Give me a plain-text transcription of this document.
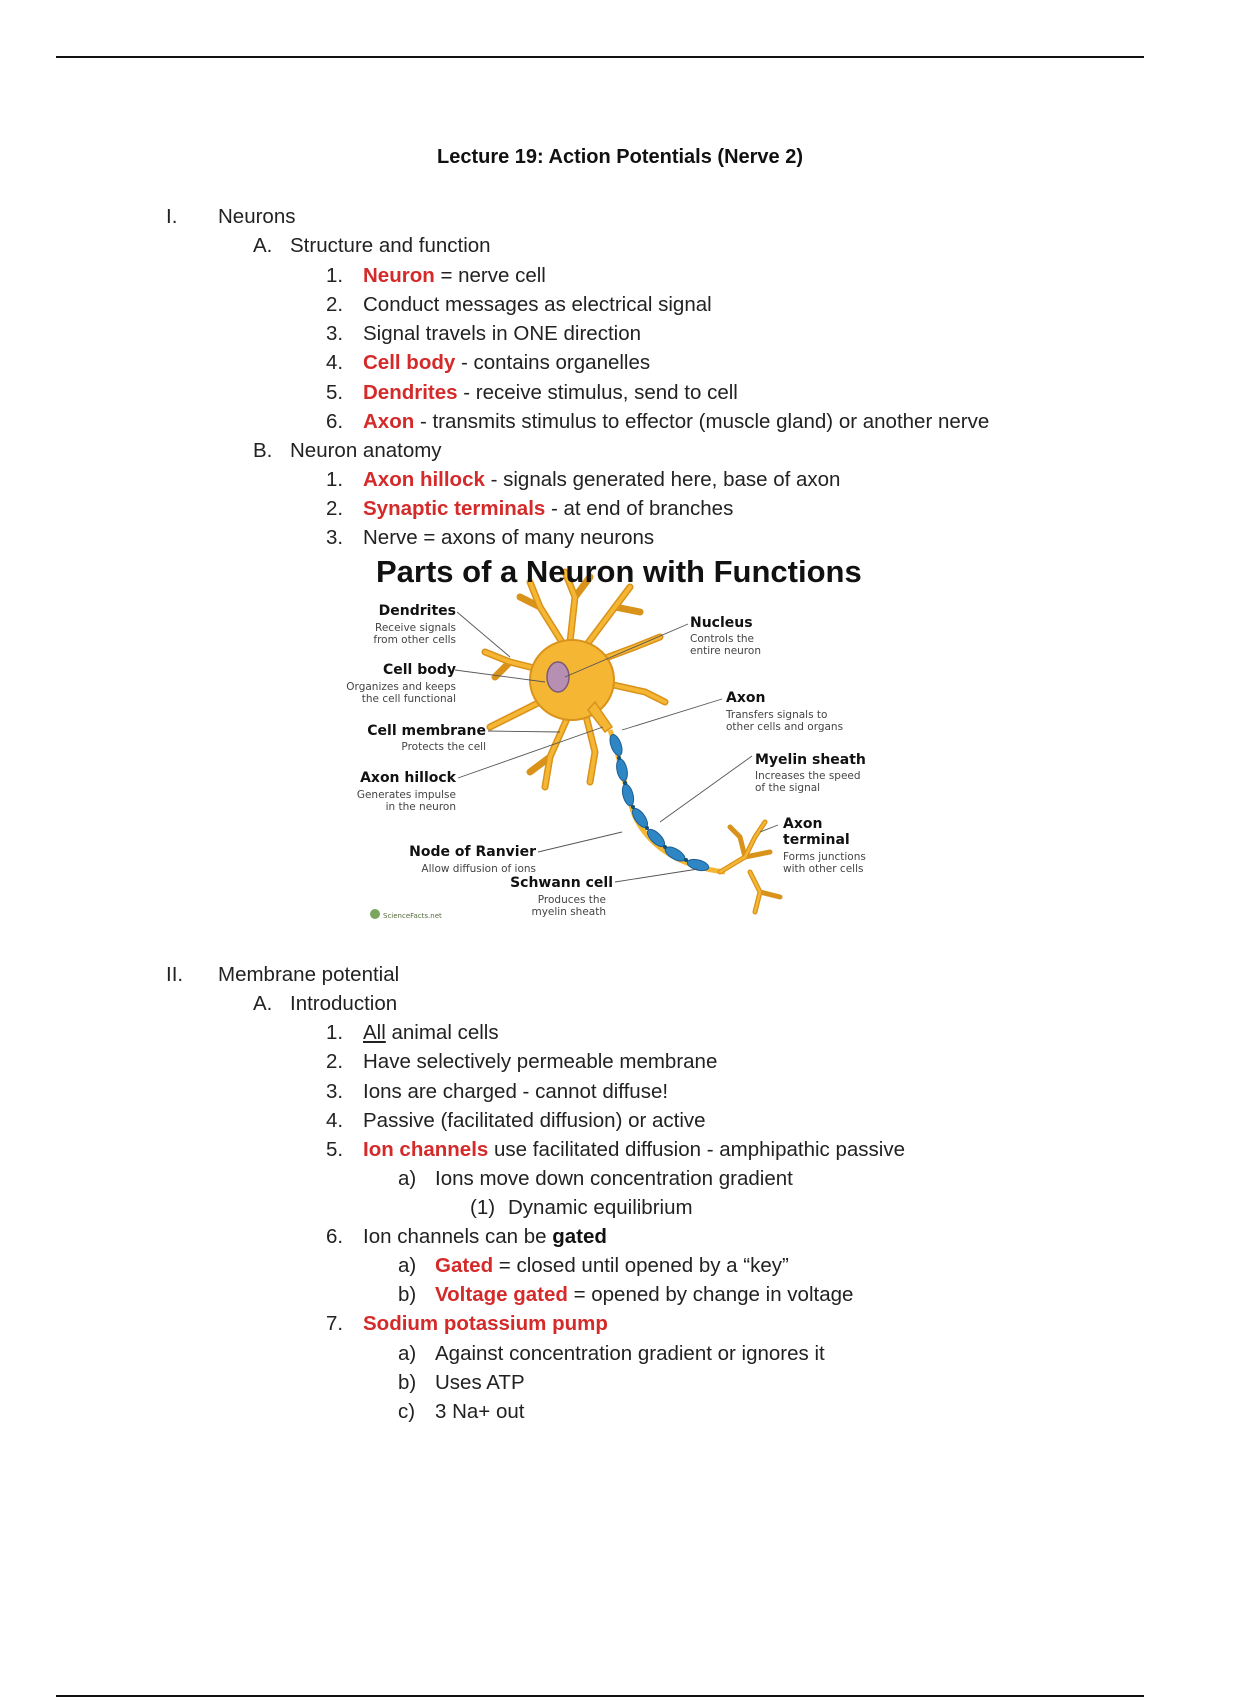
Lecture 19: Action Potentials (Nerve 2)
I. Neurons
A. Structure and function
1. Neuron = nerve cell
2. Conduct messages as electrical signal
3. Signal travels in ONE direction
4. Cell body - contains organelles
5. Dendrites - receive stimulus, send to cell
6. Axon - transmits stimulus to effector (muscle gland) or another nerve
B. Neuron anatomy
1. Axon hillock - signals generated here, base of axon
2. Synaptic terminals - at end of branches
3. Nerve = axons of many neurons
Dendrites
Receive signals
from other cells
Cell body
Organizes and keeps
the cell functional
Cell membrane
Protects the cell
Axon hillock
Generates impulse
in the neuron
Node of Ranvier
Allow diffusion of ions
Schwann cell
Produces the
myelin sheath
Nucleus
Controls the
entire neuron
Axon
Transfers signals to
other cells and organs
Myelin sheath
Increases the speed
of the signal
Axon
terminal
Forms junctions
with other cells
ScienceFacts.net
Parts of a Neuron with Functions
II. Membrane potential
A. Introduction
1. All animal cells
2. Have selectively permeable membrane
3. Ions are charged - cannot diffuse!
4. Passive (facilitated diffusion) or active
5. Ion channels use facilitated diffusion - amphipathic passive
a) Ions move down concentration gradient
(1) Dynamic equilibrium
6. Ion channels can be gated
a) Gated = closed until opened by a “key”
b) Voltage gated = opened by change in voltage
7. Sodium potassium pump
a) Against concentration gradient or ignores it
b) Uses ATP
c) 3 Na+ out
